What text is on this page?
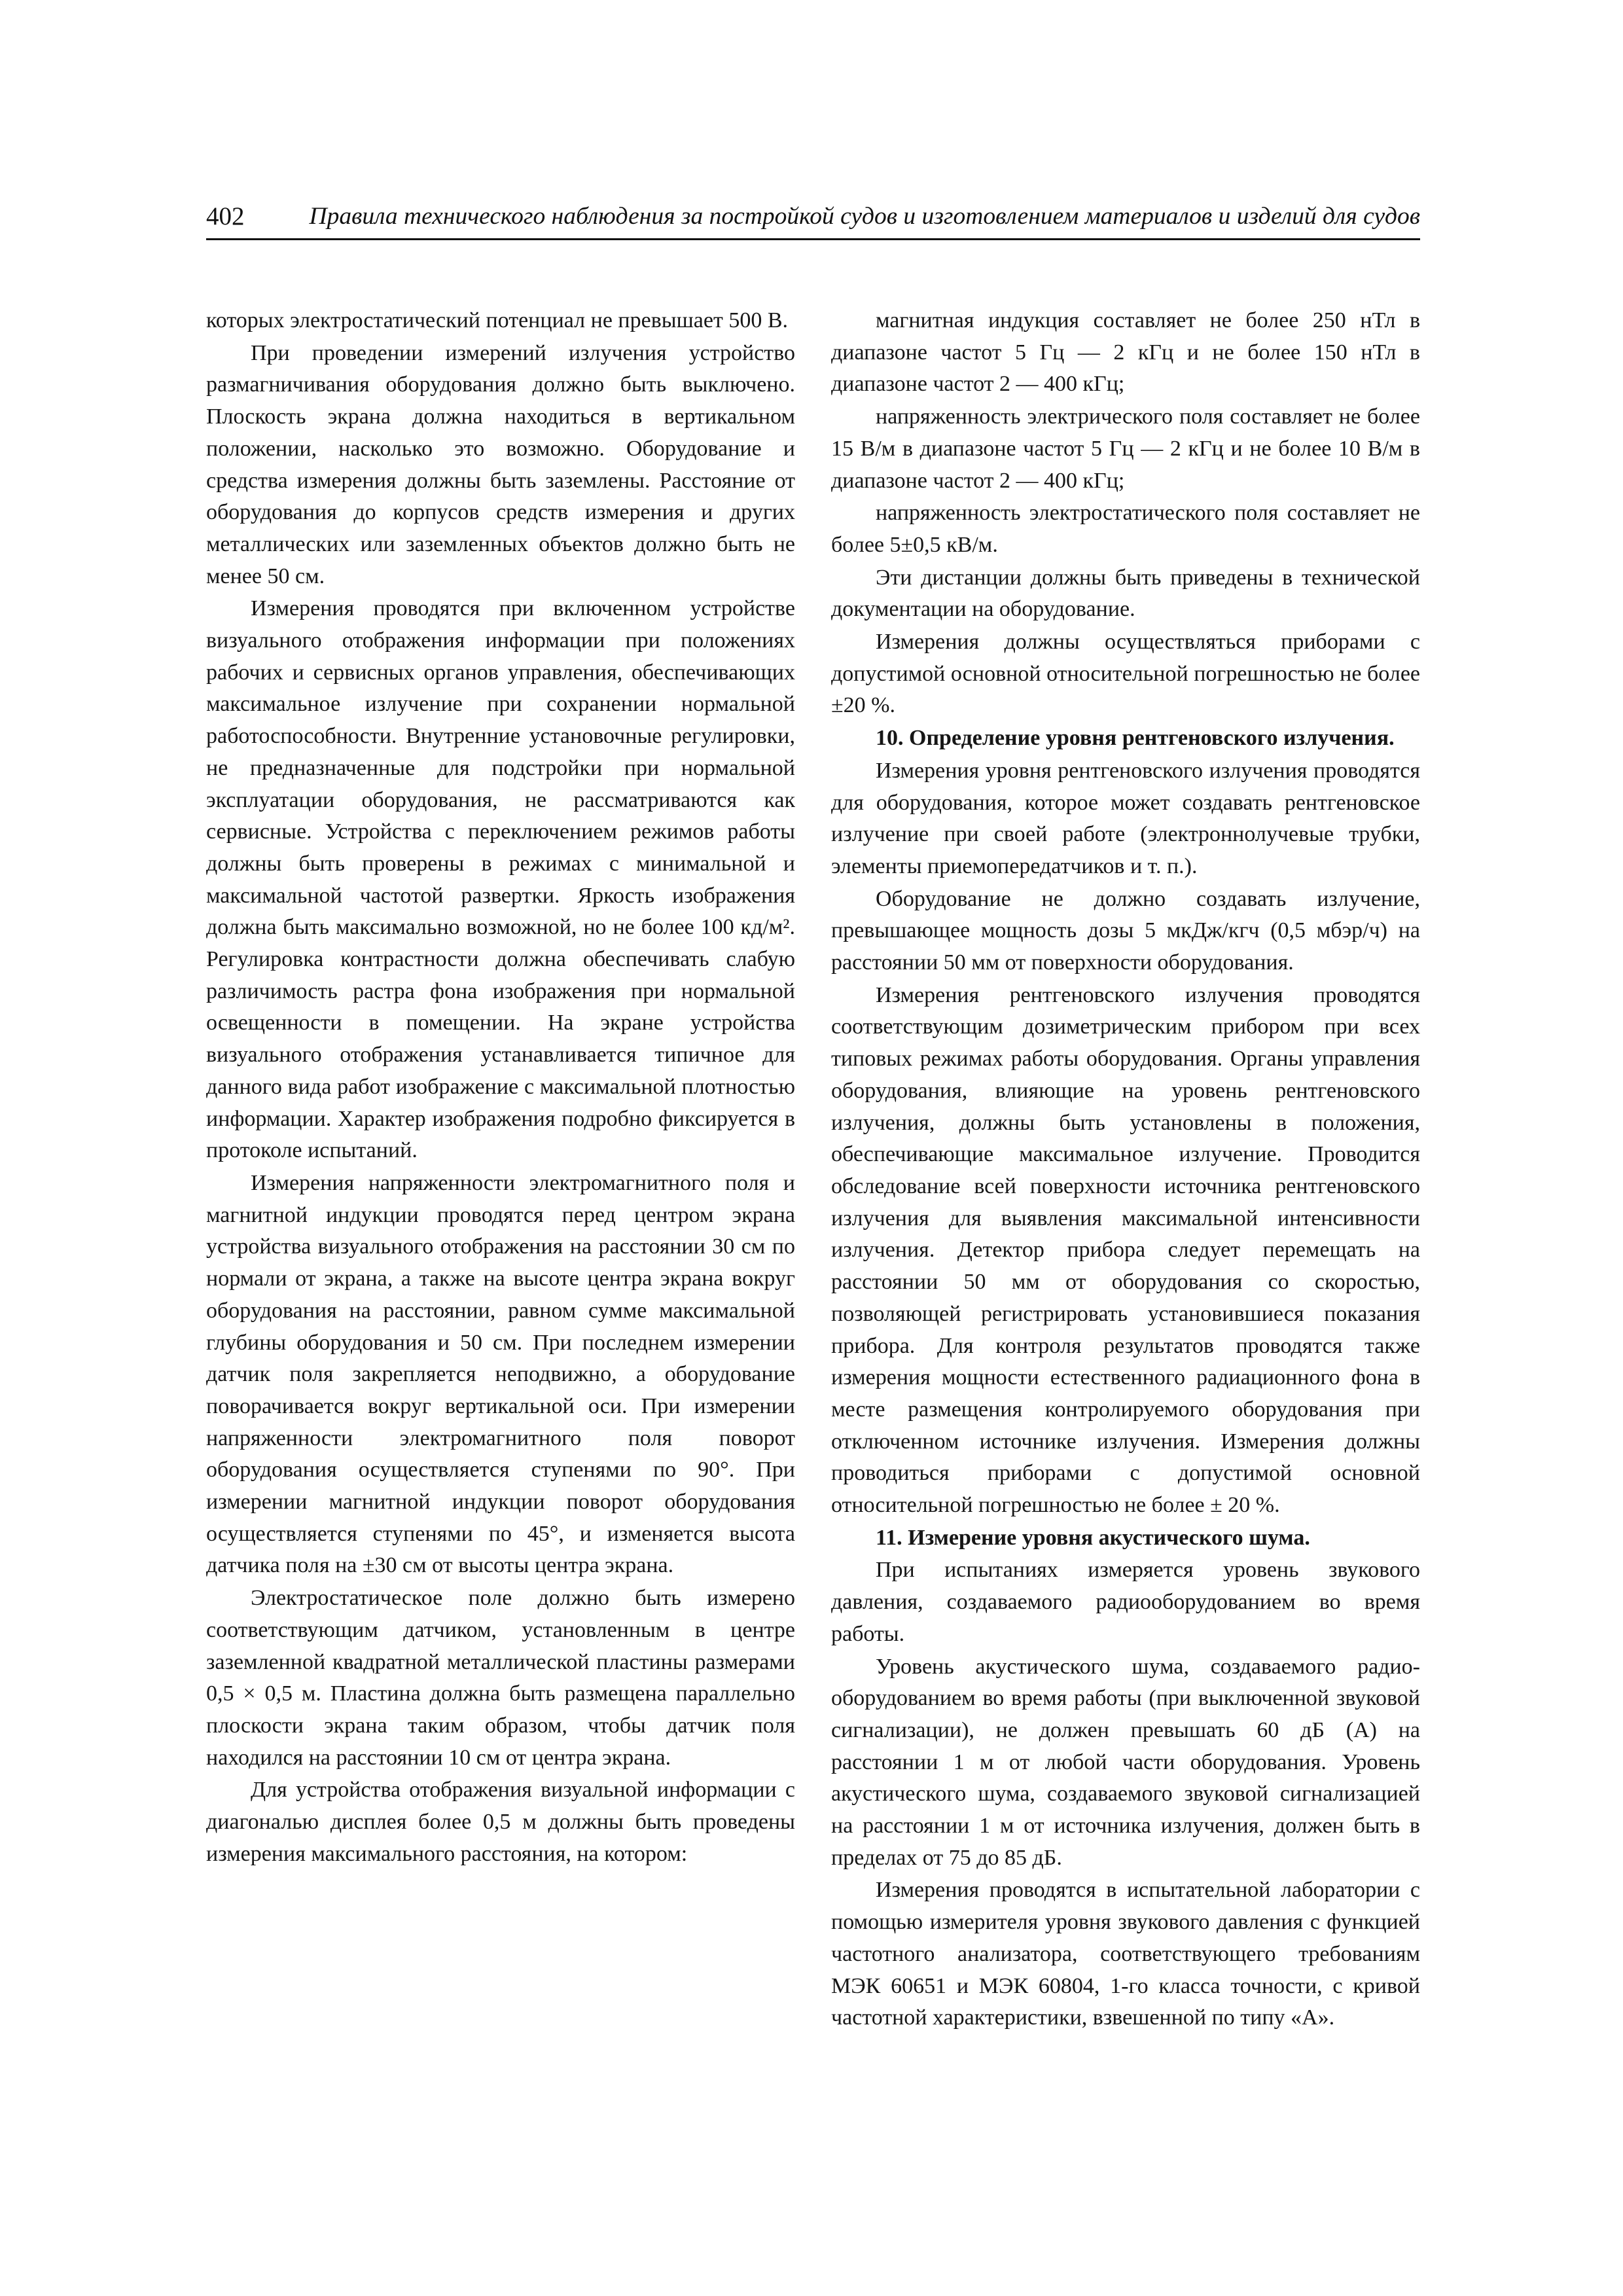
402	Правила технического наблюдения за постройкой судов и изготовлением материалов и изделий для судов

которых электростатический потенциал не превышает 500 В.

При проведении измерений излучения устройство размагничивания оборудования должно быть выключено. Плоскость экрана должна находиться в вертикальном положении, насколько это возможно. Оборудование и средства измерения должны быть заземлены. Расстояние от оборудования до корпусов средств измерения и других металлических или заземленных объектов должно быть не менее 50 см.

Измерения проводятся при включенном устройстве визуального отображения информации при положениях рабочих и сервисных органов управления, обеспечивающих максимальное излучение при сохранении нормальной работоспособности. Внутренние установочные регулировки, не предназначенные для подстройки при нормальной эксплуатации оборудования, не рассматриваются как сервисные. Устройства с переключением режимов работы должны быть проверены в режимах с минимальной и максимальной частотой развертки. Яркость изображения должна быть максимально возможной, но не более 100 кд/м². Регулировка контрастности должна обеспечивать слабую различимость растра фона изображения при нормальной освещенности в помещении. На экране устройства визуального отображения устанавливается типичное для данного вида работ изображение с максимальной плотностью информации. Характер изображения подробно фиксируется в протоколе испытаний.

Измерения напряженности электромагнитного поля и магнитной индукции проводятся перед центром экрана устройства визуального отображения на расстоянии 30 см по нормали от экрана, а также на высоте центра экрана вокруг оборудования на расстоянии, равном сумме максимальной глубины оборудования и 50 см. При последнем измерении датчик поля закрепляется неподвижно, а оборудование поворачивается вокруг вертикальной оси. При измерении напряженности электромагнитного поля поворот оборудования осуществляется ступенями по 90°. При измерении магнитной индукции поворот оборудования осуществляется ступенями по 45°, и изменяется высота датчика поля на ±30 см от высоты центра экрана.

Электростатическое поле должно быть измерено соответствующим датчиком, установленным в центре заземленной квадратной металлической пластины размерами 0,5 × 0,5 м. Пластина должна быть размещена параллельно плоскости экрана таким образом, чтобы датчик поля находился на расстоянии 10 см от центра экрана.

Для устройства отображения визуальной информации с диагональю дисплея более 0,5 м должны быть проведены измерения максимального расстояния, на котором:

магнитная индукция составляет не более 250 нТл в диапазоне частот 5 Гц — 2 кГц и не более 150 нТл в диапазоне частот 2 — 400 кГц;

напряженность электрического поля составляет не более 15 В/м в диапазоне частот 5 Гц — 2 кГц и не более 10 В/м в диапазоне частот 2 — 400 кГц;

напряженность электростатического поля составляет не более 5±0,5 кВ/м.

Эти дистанции должны быть приведены в технической документации на оборудование.

Измерения должны осуществляться приборами с допустимой основной относительной погрешностью не более ±20 %.

10. Определение уровня рентгеновского излучения.

Измерения уровня рентгеновского излучения проводятся для оборудования, которое может создавать рентгеновское излучение при своей работе (электроннолучевые трубки, элементы приемопередатчиков и т. п.).

Оборудование не должно создавать излучение, превышающее мощность дозы 5 мкДж/кгч (0,5 мбэр/ч) на расстоянии 50 мм от поверхности оборудования.

Измерения рентгеновского излучения проводятся соответствующим дозиметрическим прибором при всех типовых режимах работы оборудования. Органы управления оборудования, влияющие на уровень рентгеновского излучения, должны быть установлены в положения, обеспечивающие максимальное излучение. Проводится обследование всей поверхности источника рентгеновского излучения для выявления максимальной интенсивности излучения. Детектор прибора следует перемещать на расстоянии 50 мм от оборудования со скоростью, позволяющей регистрировать установившиеся показания прибора. Для контроля результатов проводятся также измерения мощности естественного радиационного фона в месте размещения контролируемого оборудования при отключенном источнике излучения. Измерения должны проводиться приборами с допустимой основной относительной погрешностью не более ± 20 %.

11. Измерение уровня акустического шума.

При испытаниях измеряется уровень звукового давления, создаваемого радиооборудованием во время работы.

Уровень акустического шума, создаваемого радиооборудованием во время работы (при выключенной звуковой сигнализации), не должен превышать 60 дБ (А) на расстоянии 1 м от любой части оборудования. Уровень акустического шума, создаваемого звуковой сигнализацией на расстоянии 1 м от источника излучения, должен быть в пределах от 75 до 85 дБ.

Измерения проводятся в испытательной лаборатории с помощью измерителя уровня звукового давления с функцией частотного анализатора, соответствующего требованиям МЭК 60651 и МЭК 60804, 1-го класса точности, с кривой частотной характеристики, взвешенной по типу «А».
